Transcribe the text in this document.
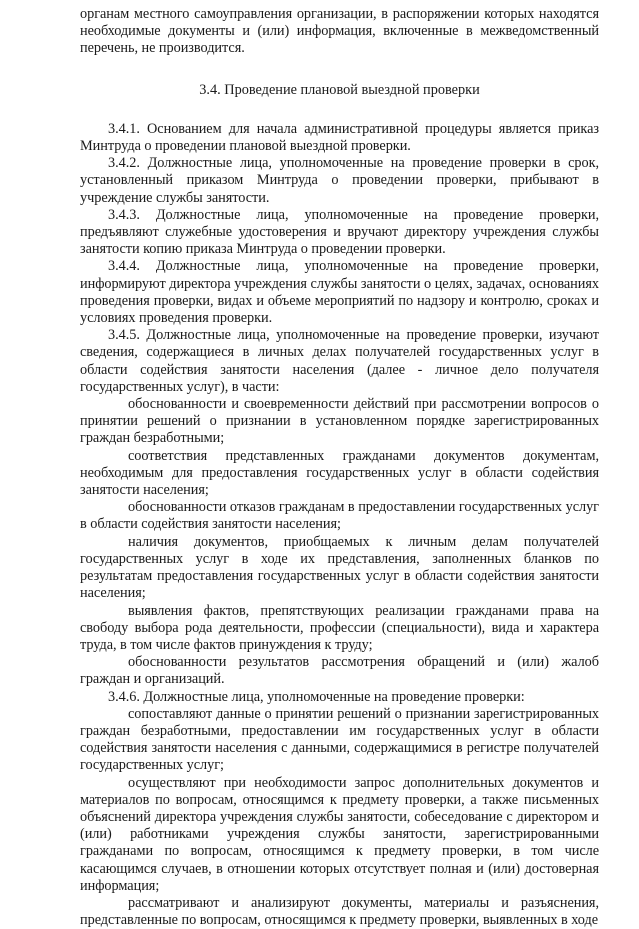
органам местного самоуправления организации, в распоряжении которых находятся необходимые документы и (или) информация, включенные в межведомственный перечень, не производится.

3.4. Проведение плановой выездной проверки

3.4.1. Основанием для начала административной процедуры является приказ Минтруда о проведении плановой выездной проверки.

3.4.2. Должностные лица, уполномоченные на проведение проверки в срок, установленный приказом Минтруда о проведении проверки, прибывают в учреждение службы занятости.

3.4.3. Должностные лица, уполномоченные на проведение проверки, предъявляют служебные удостоверения и вручают директору учреждения службы занятости копию приказа Минтруда о проведении проверки.

3.4.4. Должностные лица, уполномоченные на проведение проверки, информируют директора учреждения службы занятости о целях, задачах, основаниях проведения проверки, видах и объеме мероприятий по надзору и контролю, сроках и условиях проведения проверки.

3.4.5. Должностные лица, уполномоченные на проведение проверки, изучают сведения, содержащиеся в личных делах получателей государственных услуг в области содействия занятости населения (далее - личное дело получателя государственных услуг), в части:

обоснованности и своевременности действий при рассмотрении вопросов о принятии решений о признании в установленном порядке зарегистрированных граждан безработными;

соответствия представленных гражданами документов документам, необходимым для предоставления государственных услуг в области содействия занятости населения;

обоснованности отказов гражданам в предоставлении государственных услуг в области содействия занятости населения;

наличия документов, приобщаемых к личным делам получателей государственных услуг в ходе их представления, заполненных бланков по результатам предоставления государственных услуг в области содействия занятости населения;

выявления фактов, препятствующих реализации гражданами права на свободу выбора рода деятельности, профессии (специальности), вида и характера труда, в том числе фактов принуждения к труду;

обоснованности результатов рассмотрения обращений и (или) жалоб граждан и организаций.

3.4.6. Должностные лица, уполномоченные на проведение проверки:

сопоставляют данные о принятии решений о признании зарегистрированных граждан безработными, предоставлении им государственных услуг в области содействия занятости населения с данными, содержащимися в регистре получателей государственных услуг;

осуществляют при необходимости запрос дополнительных документов и материалов по вопросам, относящимся к предмету проверки, а также письменных объяснений директора учреждения службы занятости, собеседование с директором и (или) работниками учреждения службы занятости, зарегистрированными гражданами по вопросам, относящимся к предмету проверки, в том числе касающимся случаев, в отношении которых отсутствует полная и (или) достоверная информация;

рассматривают и анализируют документы, материалы и разъяснения, представленные по вопросам, относящимся к предмету проверки, выявленных в ходе
